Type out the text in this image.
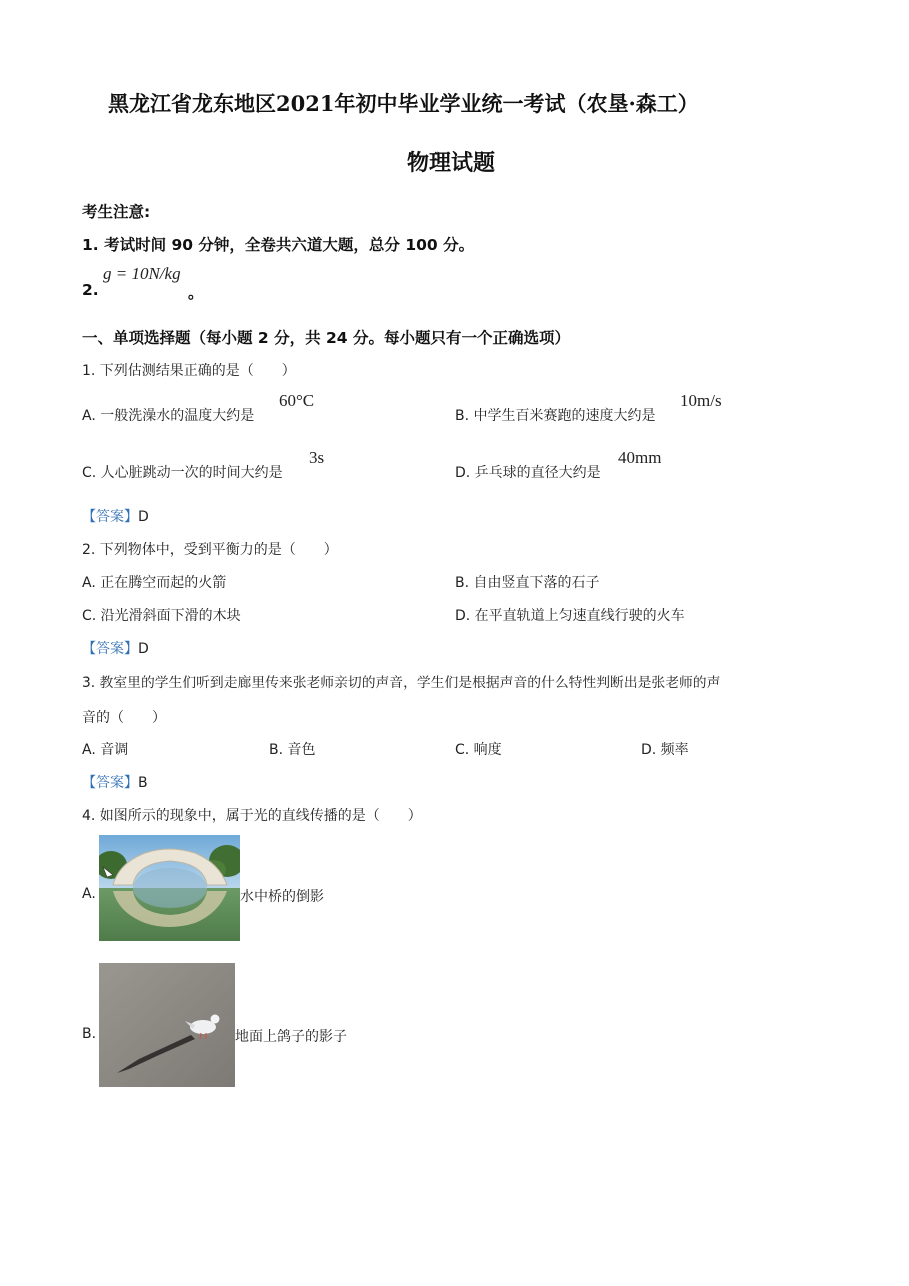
黑龙江省龙东地区2021年初中毕业学业统一考试（农垦·森工）
物理试题
考生注意:
1. 考试时间 90 分钟，全卷共六道大题，总分 100 分。
2.
g = 10N/kg
。
一、单项选择题（每小题 2 分，共 24 分。每小题只有一个正确选项）
1. 下列估测结果正确的是（　　）
A. 一般洗澡水的温度大约是
60°C
B. 中学生百米赛跑的速度大约是
10m/s
C. 人心脏跳动一次的时间大约是
3s
D. 乒乓球的直径大约是
40mm
【答案】D
2. 下列物体中，受到平衡力的是（　　）
A. 正在腾空而起的火箭	B. 自由竖直下落的石子
C. 沿光滑斜面下滑的木块	D. 在平直轨道上匀速直线行驶的火车
【答案】D
3. 教室里的学生们听到走廊里传来张老师亲切的声音，学生们是根据声音的什么特性判断出是张老师的声
音的（　　）
A. 音调	B. 音色	C. 响度	D. 频率
【答案】B
4. 如图所示的现象中，属于光的直线传播的是（　　）
A.	水中桥的倒影
B.	地面上鸽子的影子
